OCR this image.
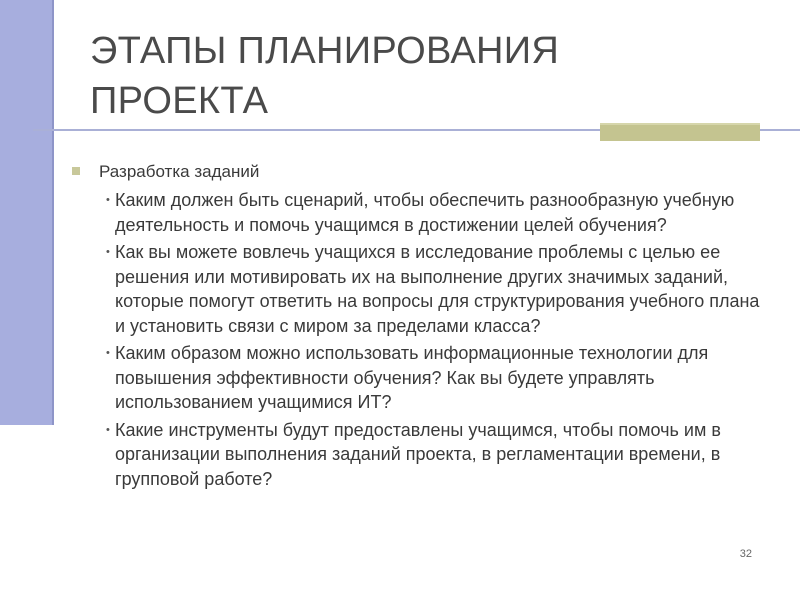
ЭТАПЫ ПЛАНИРОВАНИЯ ПРОЕКТА
Разработка заданий
• Каким должен быть сценарий, чтобы обеспечить разнообразную учебную деятельность и помочь учащимся в достижении целей обучения?
• Как вы можете вовлечь учащихся в исследование проблемы с целью ее решения или мотивировать их на выполнение других значимых заданий, которые помогут ответить на вопросы для структурирования учебного плана и установить связи с миром за пределами класса?
• Каким образом можно использовать информационные технологии для повышения эффективности обучения? Как вы будете управлять использованием учащимися ИТ?
• Какие инструменты будут предоставлены учащимся, чтобы помочь им в организации выполнения заданий проекта, в регламентации времени, в групповой работе?
32
